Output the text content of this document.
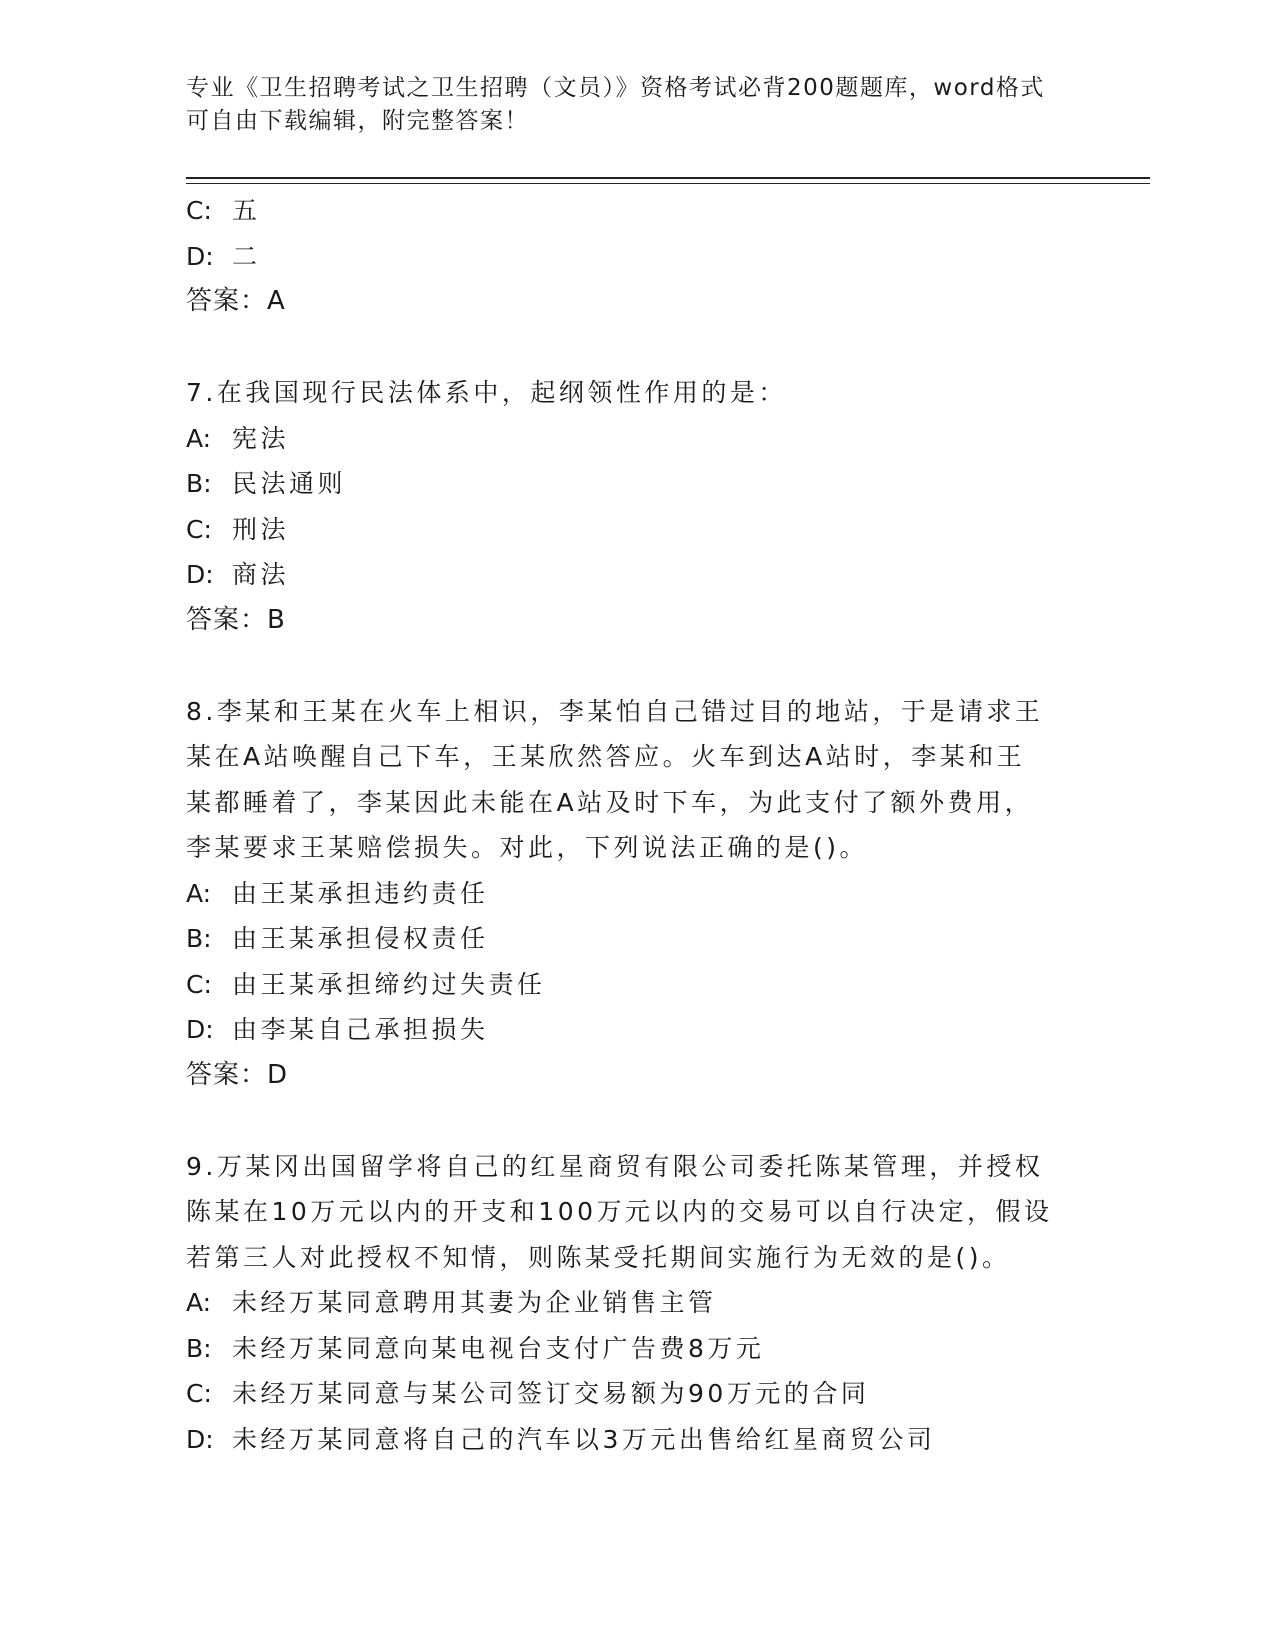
专业《卫生招聘考试之卫生招聘（文员）》资格考试必背200题题库，word格式
可自由下载编辑，附完整答案！
C: 五
D: 二
答案：A
7.在我国现行民法体系中，起纲领性作用的是：
A: 宪法
B: 民法通则
C: 刑法
D: 商法
答案：B
8.李某和王某在火车上相识，李某怕自己错过目的地站，于是请求王
某在A站唤醒自己下车，王某欣然答应。火车到达A站时，李某和王
某都睡着了，李某因此未能在A站及时下车，为此支付了额外费用，
李某要求王某赔偿损失。对此，下列说法正确的是()。
A: 由王某承担违约责任
B: 由王某承担侵权责任
C: 由王某承担缔约过失责任
D: 由李某自己承担损失
答案：D
9.万某冈出国留学将自己的红星商贸有限公司委托陈某管理，并授权
陈某在10万元以内的开支和100万元以内的交易可以自行决定，假设
若第三人对此授权不知情，则陈某受托期间实施行为无效的是()。
A: 未经万某同意聘用其妻为企业销售主管
B: 未经万某同意向某电视台支付广告费8万元
C: 未经万某同意与某公司签订交易额为90万元的合同
D: 未经万某同意将自己的汽车以3万元出售给红星商贸公司
